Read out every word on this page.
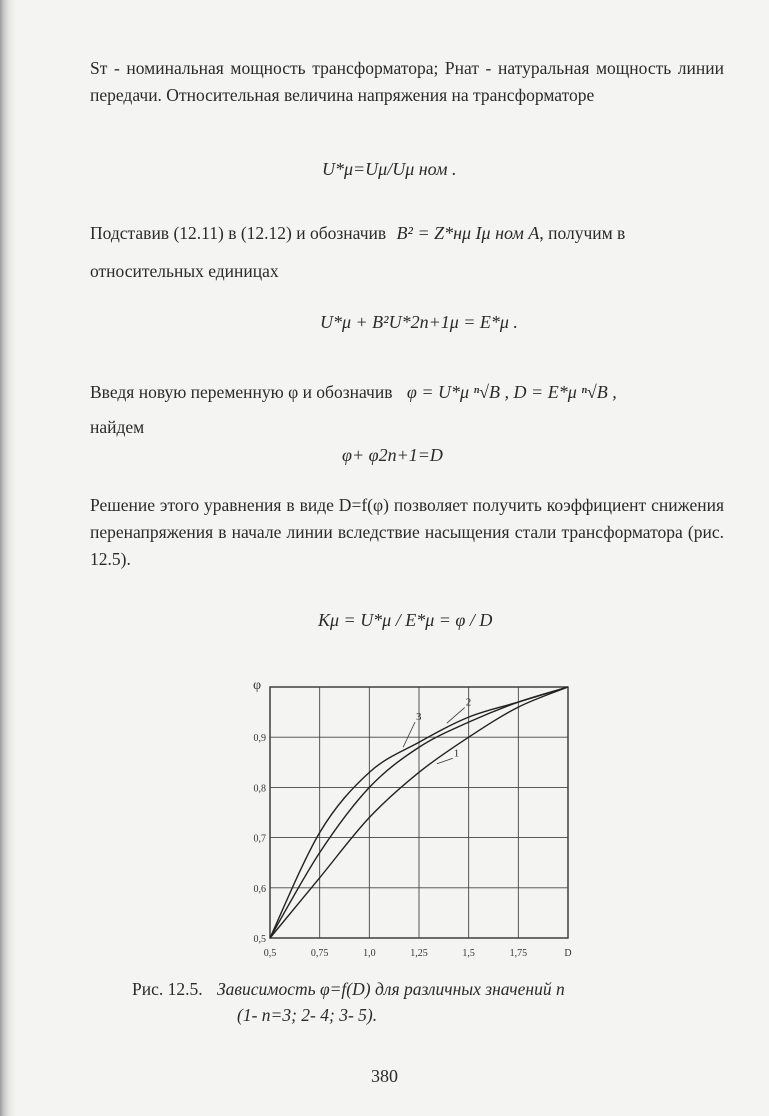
Sт - номинальная мощность трансформатора; Pнат - натуральная мощность линии передачи. Относительная величина напряжения на трансформаторе

U*μ=Uμ/Uμ ном .
Подставив (12.11) в (12.12) и обозначив B² = Z*нμ Iμ ном A, получим в
относительных единицах
U*μ + B²U*2n+1μ = E*μ .
Введя новую переменную φ и обозначив φ = U*μ ⁿ√B , D = E*μ ⁿ√B ,
найдем
φ+ φ2n+1=D

Решение этого уравнения в виде D=f(φ) позволяет получить коэффициент снижения перенапряжения в начале линии вследствие насыщения стали трансформатора (рис. 12.5).

Kμ = U*μ / E*μ = φ / D
0,5	0,75	1,0	1,25	1,5	1,75	D
0,5
0,6
0,7
0,8
0,9
φ
1
2
3
Рис. 12.5. Зависимость φ=f(D) для различных значений n
(1- n=3; 2- 4; 3- 5).
380
